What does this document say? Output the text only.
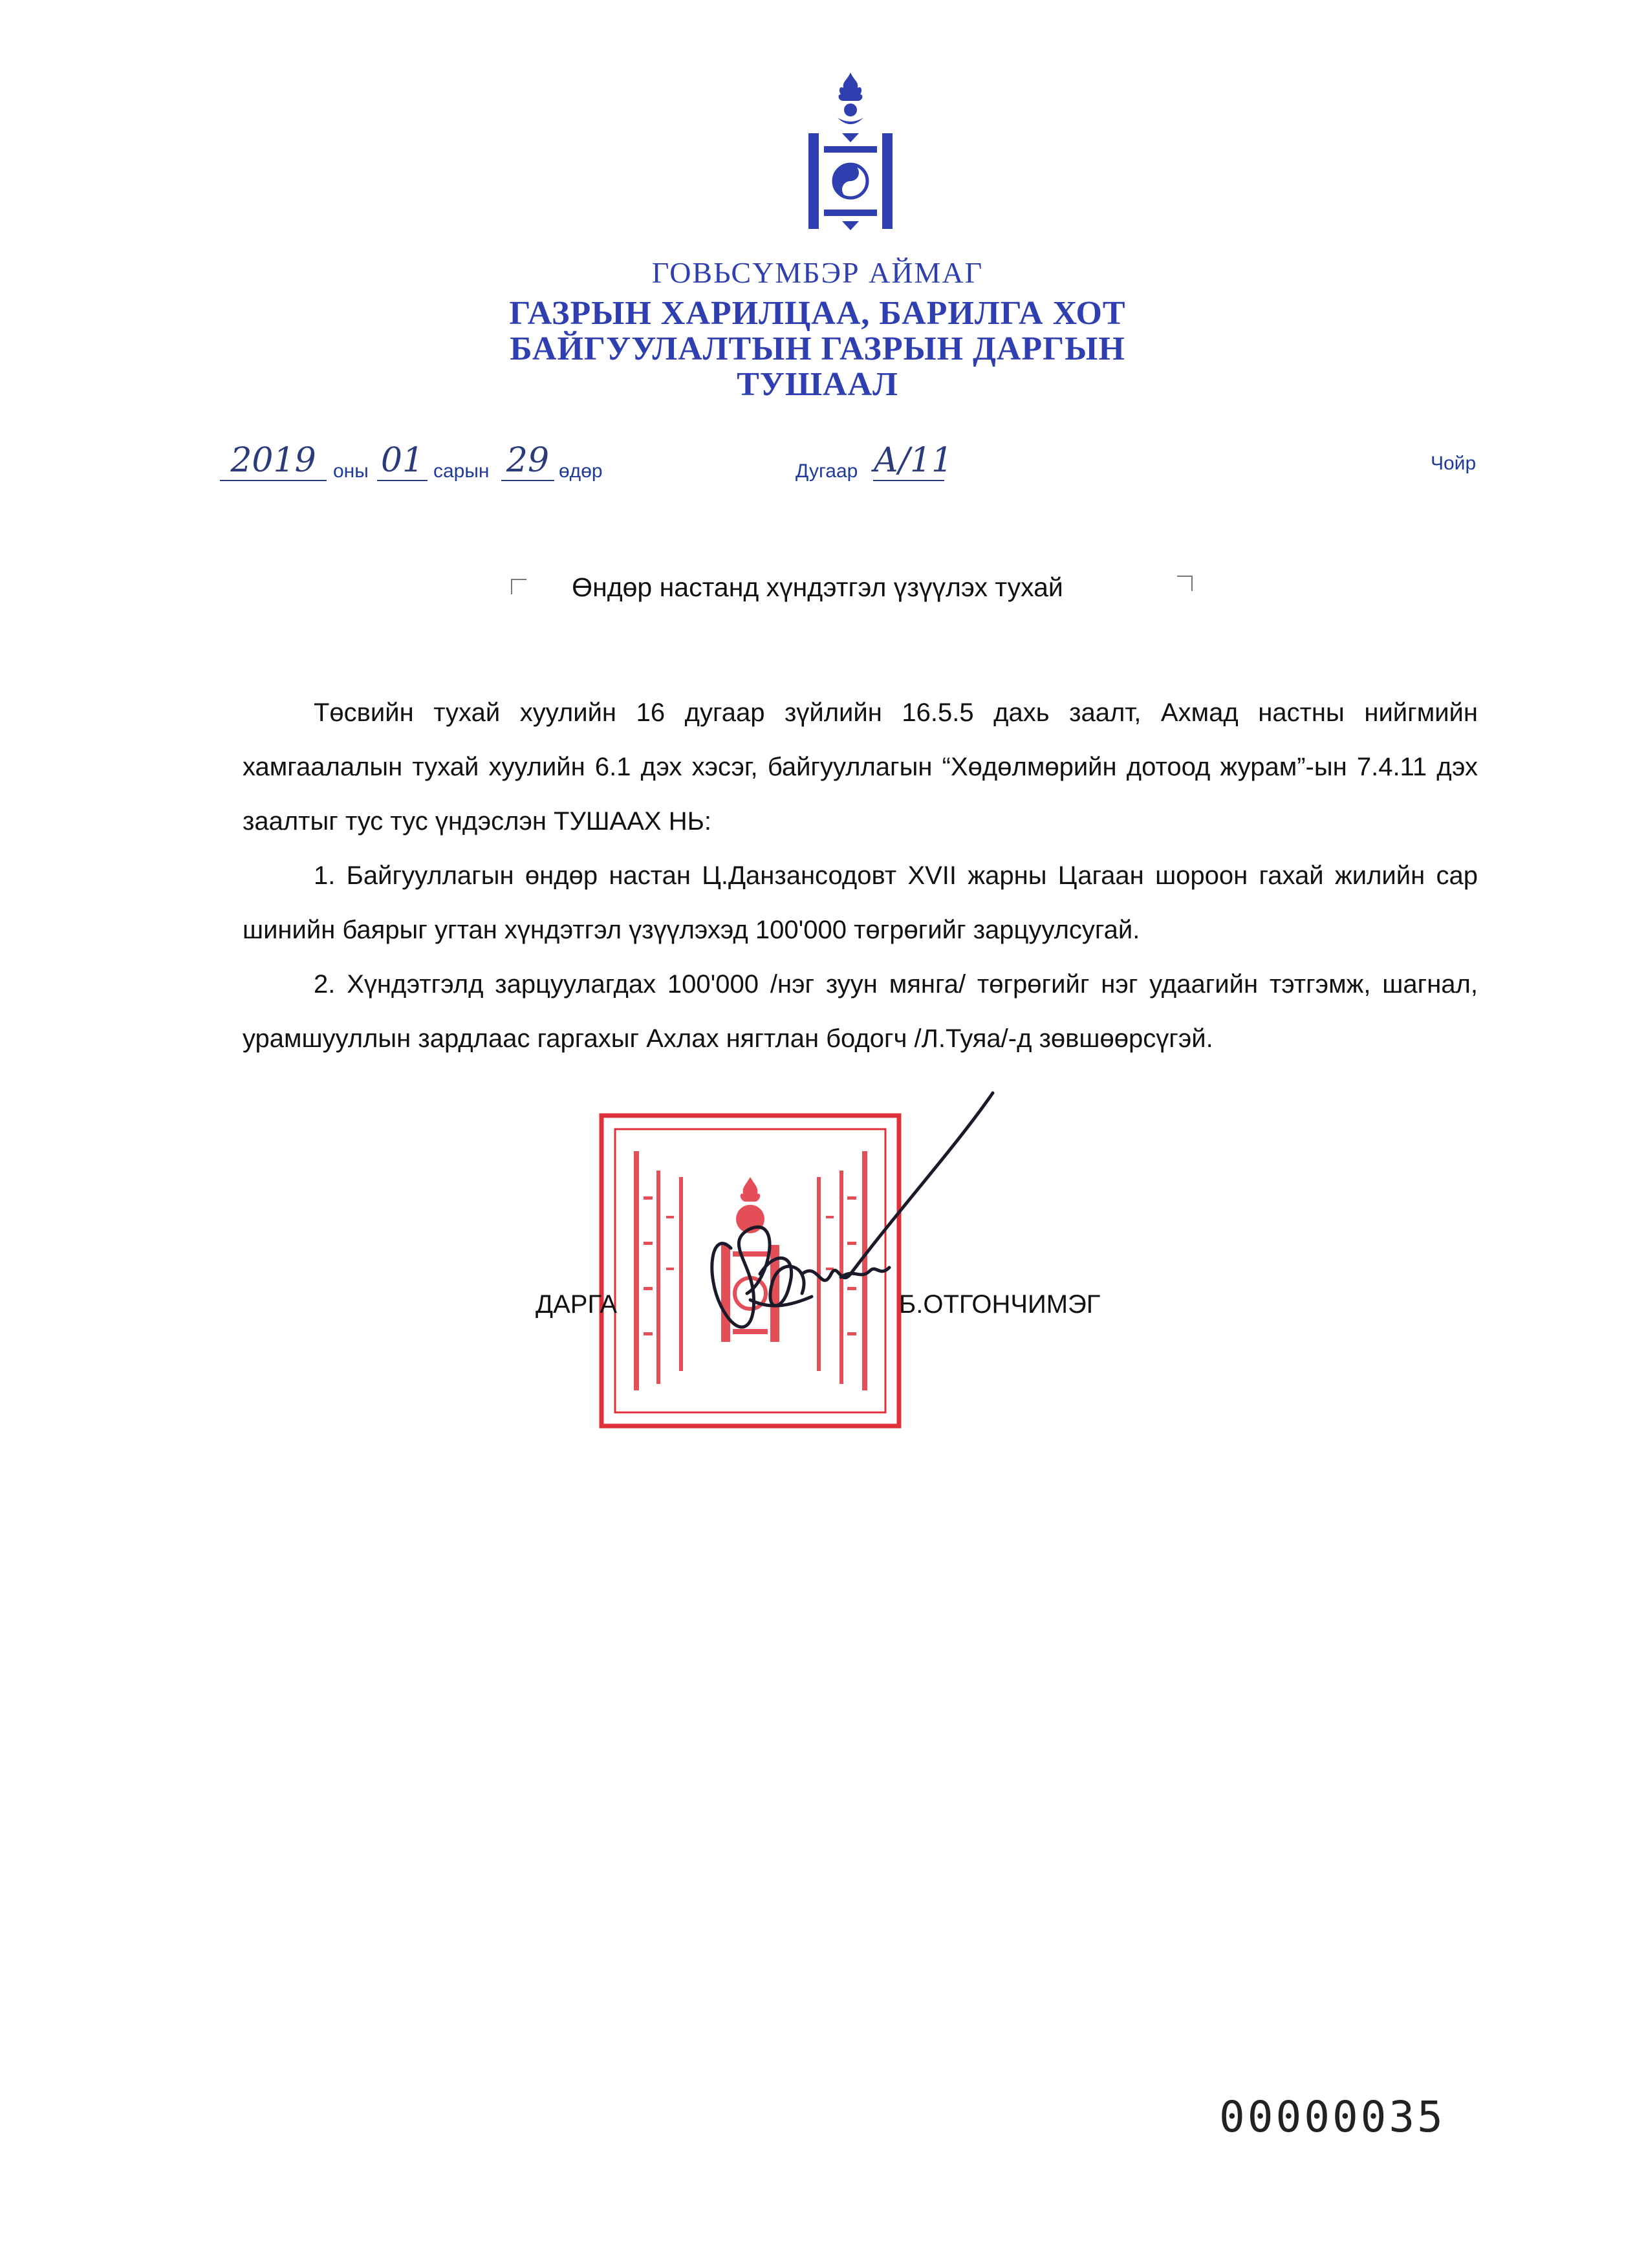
ГОВЬСҮМБЭР АЙМАГ
ГАЗРЫН ХАРИЛЦАА, БАРИЛГА ХОТ
БАЙГУУЛАЛТЫН ГАЗРЫН ДАРГЫН
ТУШААЛ
2019 оны 01 сарын 29 өдөр	Дугаар А/11	Чойр
Өндөр настанд хүндэтгэл үзүүлэх тухай

Төсвийн тухай хуулийн 16 дугаар зүйлийн 16.5.5 дахь заалт, Ахмад настны нийгмийн хамгаалалын тухай хуулийн 6.1 дэх хэсэг, байгууллагын “Хөдөлмөрийн дотоод журам”-ын 7.4.11 дэх заалтыг тус тус үндэслэн ТУШААХ НЬ:

1. Байгууллагын өндөр настан Ц.Данзансодовт XVII жарны Цагаан шороон гахай жилийн сар шинийн баярыг угтан хүндэтгэл үзүүлэхэд 100'000 төгрөгийг зарцуулсугай.

2. Хүндэтгэлд зарцуулагдах 100'000 /нэг зуун мянга/ төгрөгийг нэг удаагийн тэтгэмж, шагнал, урамшууллын зардлаас гаргахыг Ахлах нягтлан бодогч /Л.Туяа/-д зөвшөөрсүгэй.

ДАРГА	Б.ОТГОНЧИМЭГ
00000035
